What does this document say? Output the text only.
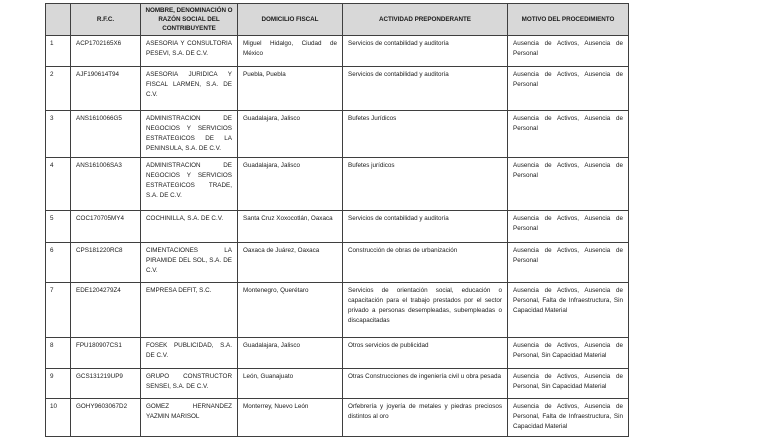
	R.F.C.	NOMBRE, DENOMINACIÓN O RAZÓN SOCIAL DEL CONTRIBUYENTE	DOMICILIO FISCAL	ACTIVIDAD PREPONDERANTE	MOTIVO DEL PROCEDIMIENTO
1	ACP1702165X6	ASESORIA Y CONSULTORIA PESEVI, S.A. DE C.V.	Miguel Hidalgo, Ciudad de México	Servicios de contabilidad y auditoría	Ausencia de Activos, Ausencia de Personal
2	AJF190614T94	ASESORIA JURIDICA Y FISCAL LARMEN, S.A. DE C.V.	Puebla, Puebla	Servicios de contabilidad y auditoría	Ausencia de Activos, Ausencia de Personal
3	ANS1610066G5	ADMINISTRACION DE NEGOCIOS Y SERVICIOS ESTRATEGICOS DE LA PENINSULA, S.A. DE C.V.	Guadalajara, Jalisco	Bufetes Jurídicos	Ausencia de Activos, Ausencia de Personal
4	ANS161006SA3	ADMINISTRACION DE NEGOCIOS Y SERVICIOS ESTRATEGICOS TRADE, S.A. DE C.V.	Guadalajara, Jalisco	Bufetes jurídicos	Ausencia de Activos, Ausencia de Personal
5	COC170705MY4	COCHINILLA, S.A. DE C.V.	Santa Cruz Xoxocotlán, Oaxaca	Servicios de contabilidad y auditoría	Ausencia de Activos, Ausencia de Personal
6	CPS181220RC8	CIMENTACIONES LA PIRAMIDE DEL SOL, S.A. DE C.V.	Oaxaca de Juárez, Oaxaca	Construcción de obras de urbanización	Ausencia de Activos, Ausencia de Personal
7	EDE1204279Z4	EMPRESA DEFIT, S.C.	Montenegro, Querétaro	Servicios de orientación social, educación o capacitación para el trabajo prestados por el sector privado a personas desempleadas, subempleadas o discapacitadas	Ausencia de Activos, Ausencia de Personal, Falta de Infraestructura, Sin Capacidad Material
8	FPU180907CS1	FOSEK PUBLICIDAD, S.A. DE C.V.	Guadalajara, Jalisco	Otros servicios de publicidad	Ausencia de Activos, Ausencia de Personal, Sin Capacidad Material
9	GCS131219UP9	GRUPO CONSTRUCTOR SENSEI, S.A. DE C.V.	León, Guanajuato	Otras Construcciones de ingeniería civil u obra pesada	Ausencia de Activos, Ausencia de Personal, Sin Capacidad Material
10	GOHY9603067D2	GOMEZ HERNANDEZ YAZMIN MARISOL	Monterrey, Nuevo León	Orfebrería y joyería de metales y piedras preciosos distintos al oro	Ausencia de Activos, Ausencia de Personal, Falta de Infraestructura, Sin Capacidad Material
